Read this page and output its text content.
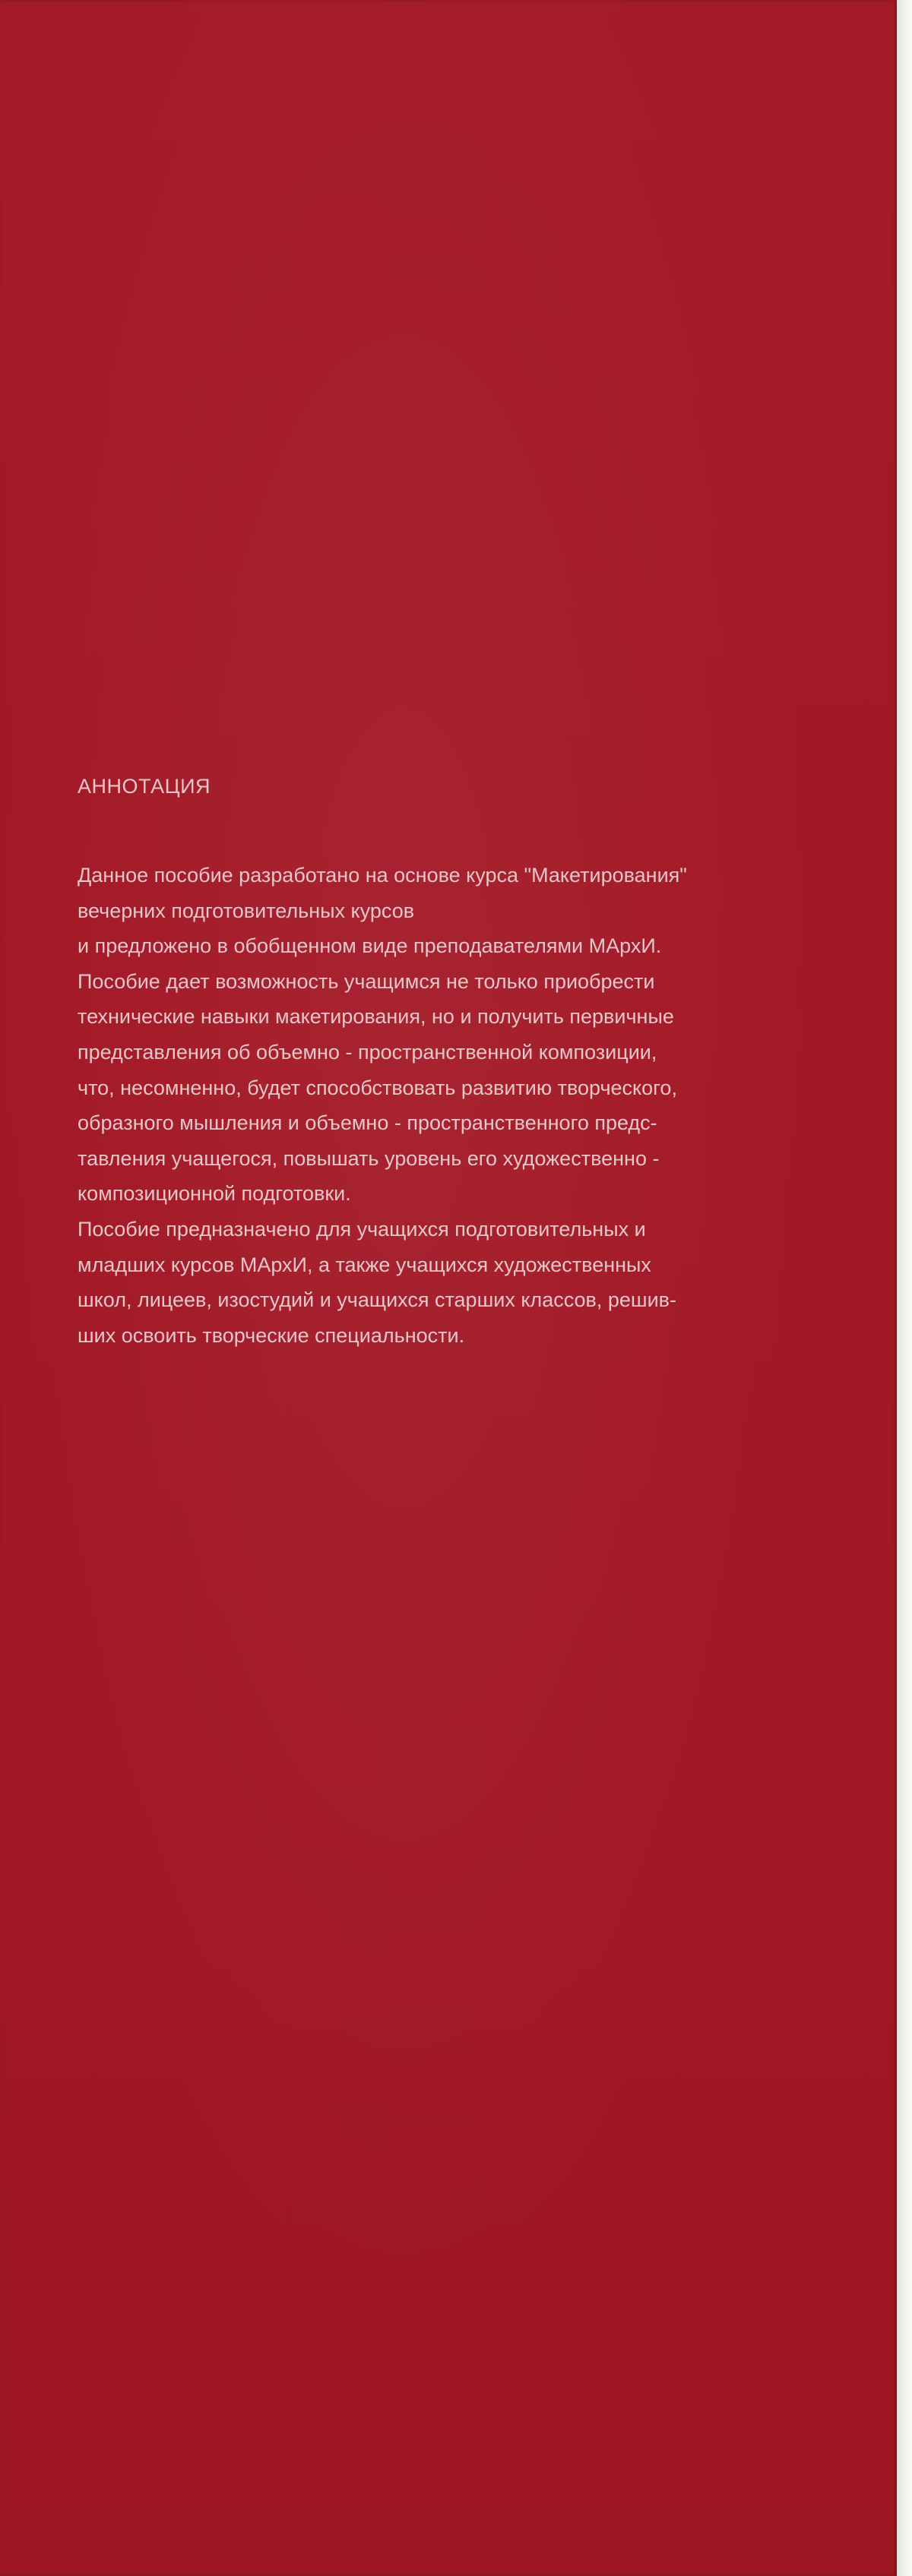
АННОТАЦИЯ
Данное пособие разработано на основе курса "Макетирования"
вечерних подготовительных курсов
и предложено в обобщенном виде преподавателями МАрхИ.
Пособие дает возможность учащимся не только приобрести
технические навыки макетирования, но и получить первичные
представления об объемно - пространственной композиции,
что, несомненно, будет способствовать развитию творческого,
образного мышления и объемно - пространственного предс-
тавления учащегося, повышать уровень его художественно -
композиционной подготовки.
Пособие предназначено для учащихся подготовительных и
младших курсов МАрхИ, а также учащихся художественных
школ, лицеев, изостудий и учащихся старших классов, решив-
ших освоить творческие специальности.
